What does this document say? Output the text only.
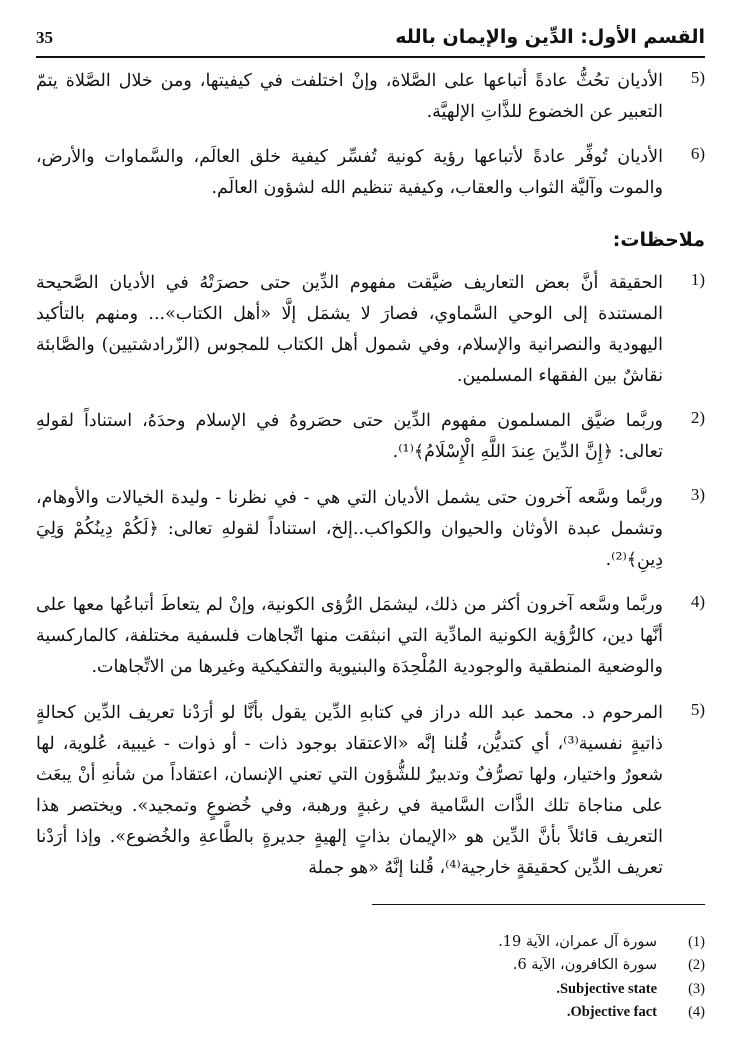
القسم الأول: الدِّين والإيمان بالله
35
5)
الأديان تحُثُّ عادةً أتباعها على الصَّلاة، وإنْ اختلفت في كيفيتها، ومن خلال الصَّلاة يتمّ التعبير عن الخضوع للذَّاتِ الإلهيَّة.
6)
الأديان تُوفِّر عادةً لأتباعها رؤية كونية تُفسِّر كيفية خلق العالَم، والسَّماوات والأرض، والموت وآليَّة الثواب والعقاب، وكيفية تنظيم الله لشؤون العالَم.
ملاحظات:
1)
الحقيقة أنَّ بعض التعاريف ضيَّقت مفهوم الدِّين حتى حصرَتْهُ في الأديان الصَّحيحة المستندة إلى الوحي السَّماوي، فصارَ لا يشمَل إلَّا «أهل الكتاب»... ومنهم بالتأكيد اليهودية والنصرانية والإسلام، وفي شمول أهل الكتاب للمجوس (الزّرادشتيين) والصَّابئة نقاشٌ بين الفقهاء المسلمين.
2)
وربَّما ضيَّق المسلمون مفهوم الدِّين حتى حصَروهُ في الإسلام وحدَهُ، استناداً لقولهِ تعالى: ﴿إِنَّ الدِّينَ عِندَ اللَّهِ الْإِسْلَامُ﴾⁽¹⁾.
3)
وربَّما وسَّعه آخرون حتى يشمل الأديان التي هي - في نظرنا - وليدة الخيالات والأوهام، وتشمل عبدة الأوثان والحيوان والكواكب..إلخ، استناداً لقولهِ تعالى: ﴿لَكُمْ دِينُكُمْ وَلِيَ دِينِ﴾⁽²⁾.
4)
وربَّما وسَّعه آخرون أكثر من ذلك، ليشمَل الرُّؤى الكونية، وإنْ لم يتعاطَ أتباعُها معها على أنَّها دين، كالرُّؤية الكونية المادِّية التي انبثقت منها اتِّجاهات فلسفية مختلفة، كالماركسية والوضعية المنطقية والوجودية المُلْحِدَة والبنيوية والتفكيكية وغيرها من الاتِّجاهات.
5)
المرحوم د. محمد عبد الله دراز في كتابهِ الدِّين يقول بأنَّا لو أرَدْنا تعريف الدِّين كحالةٍ ذاتيةٍ نفسية⁽³⁾، أي كتديُّن، قُلنا إنَّه «الاعتقاد بوجود ذات - أو ذوات - غيبية، عُلوية، لها شعورٌ واختيار، ولها تصرُّفٌ وتدبيرٌ للشُّؤون التي تعني الإنسان، اعتقاداً من شأنهِ أنْ يبعَث على مناجاة تلك الذَّات السَّامية في رغبةٍ ورهبة، وفي خُضوعٍ وتمجيد». ويختصر هذا التعريف قائلاً بأنَّ الدِّين هو «الإيمان بذاتٍ إلهيةٍ جديرةٍ بالطَّاعةِ والخُضوع». وإذا أرَدْنا تعريف الدِّين كحقيقةٍ خارجية⁽⁴⁾، قُلنا إنَّهُ «هو جملة
(1)سورة آل عمران، الآية 19.
(2)سورة الكافرون، الآية 6.
(3)Subjective state.
(4)Objective fact.
